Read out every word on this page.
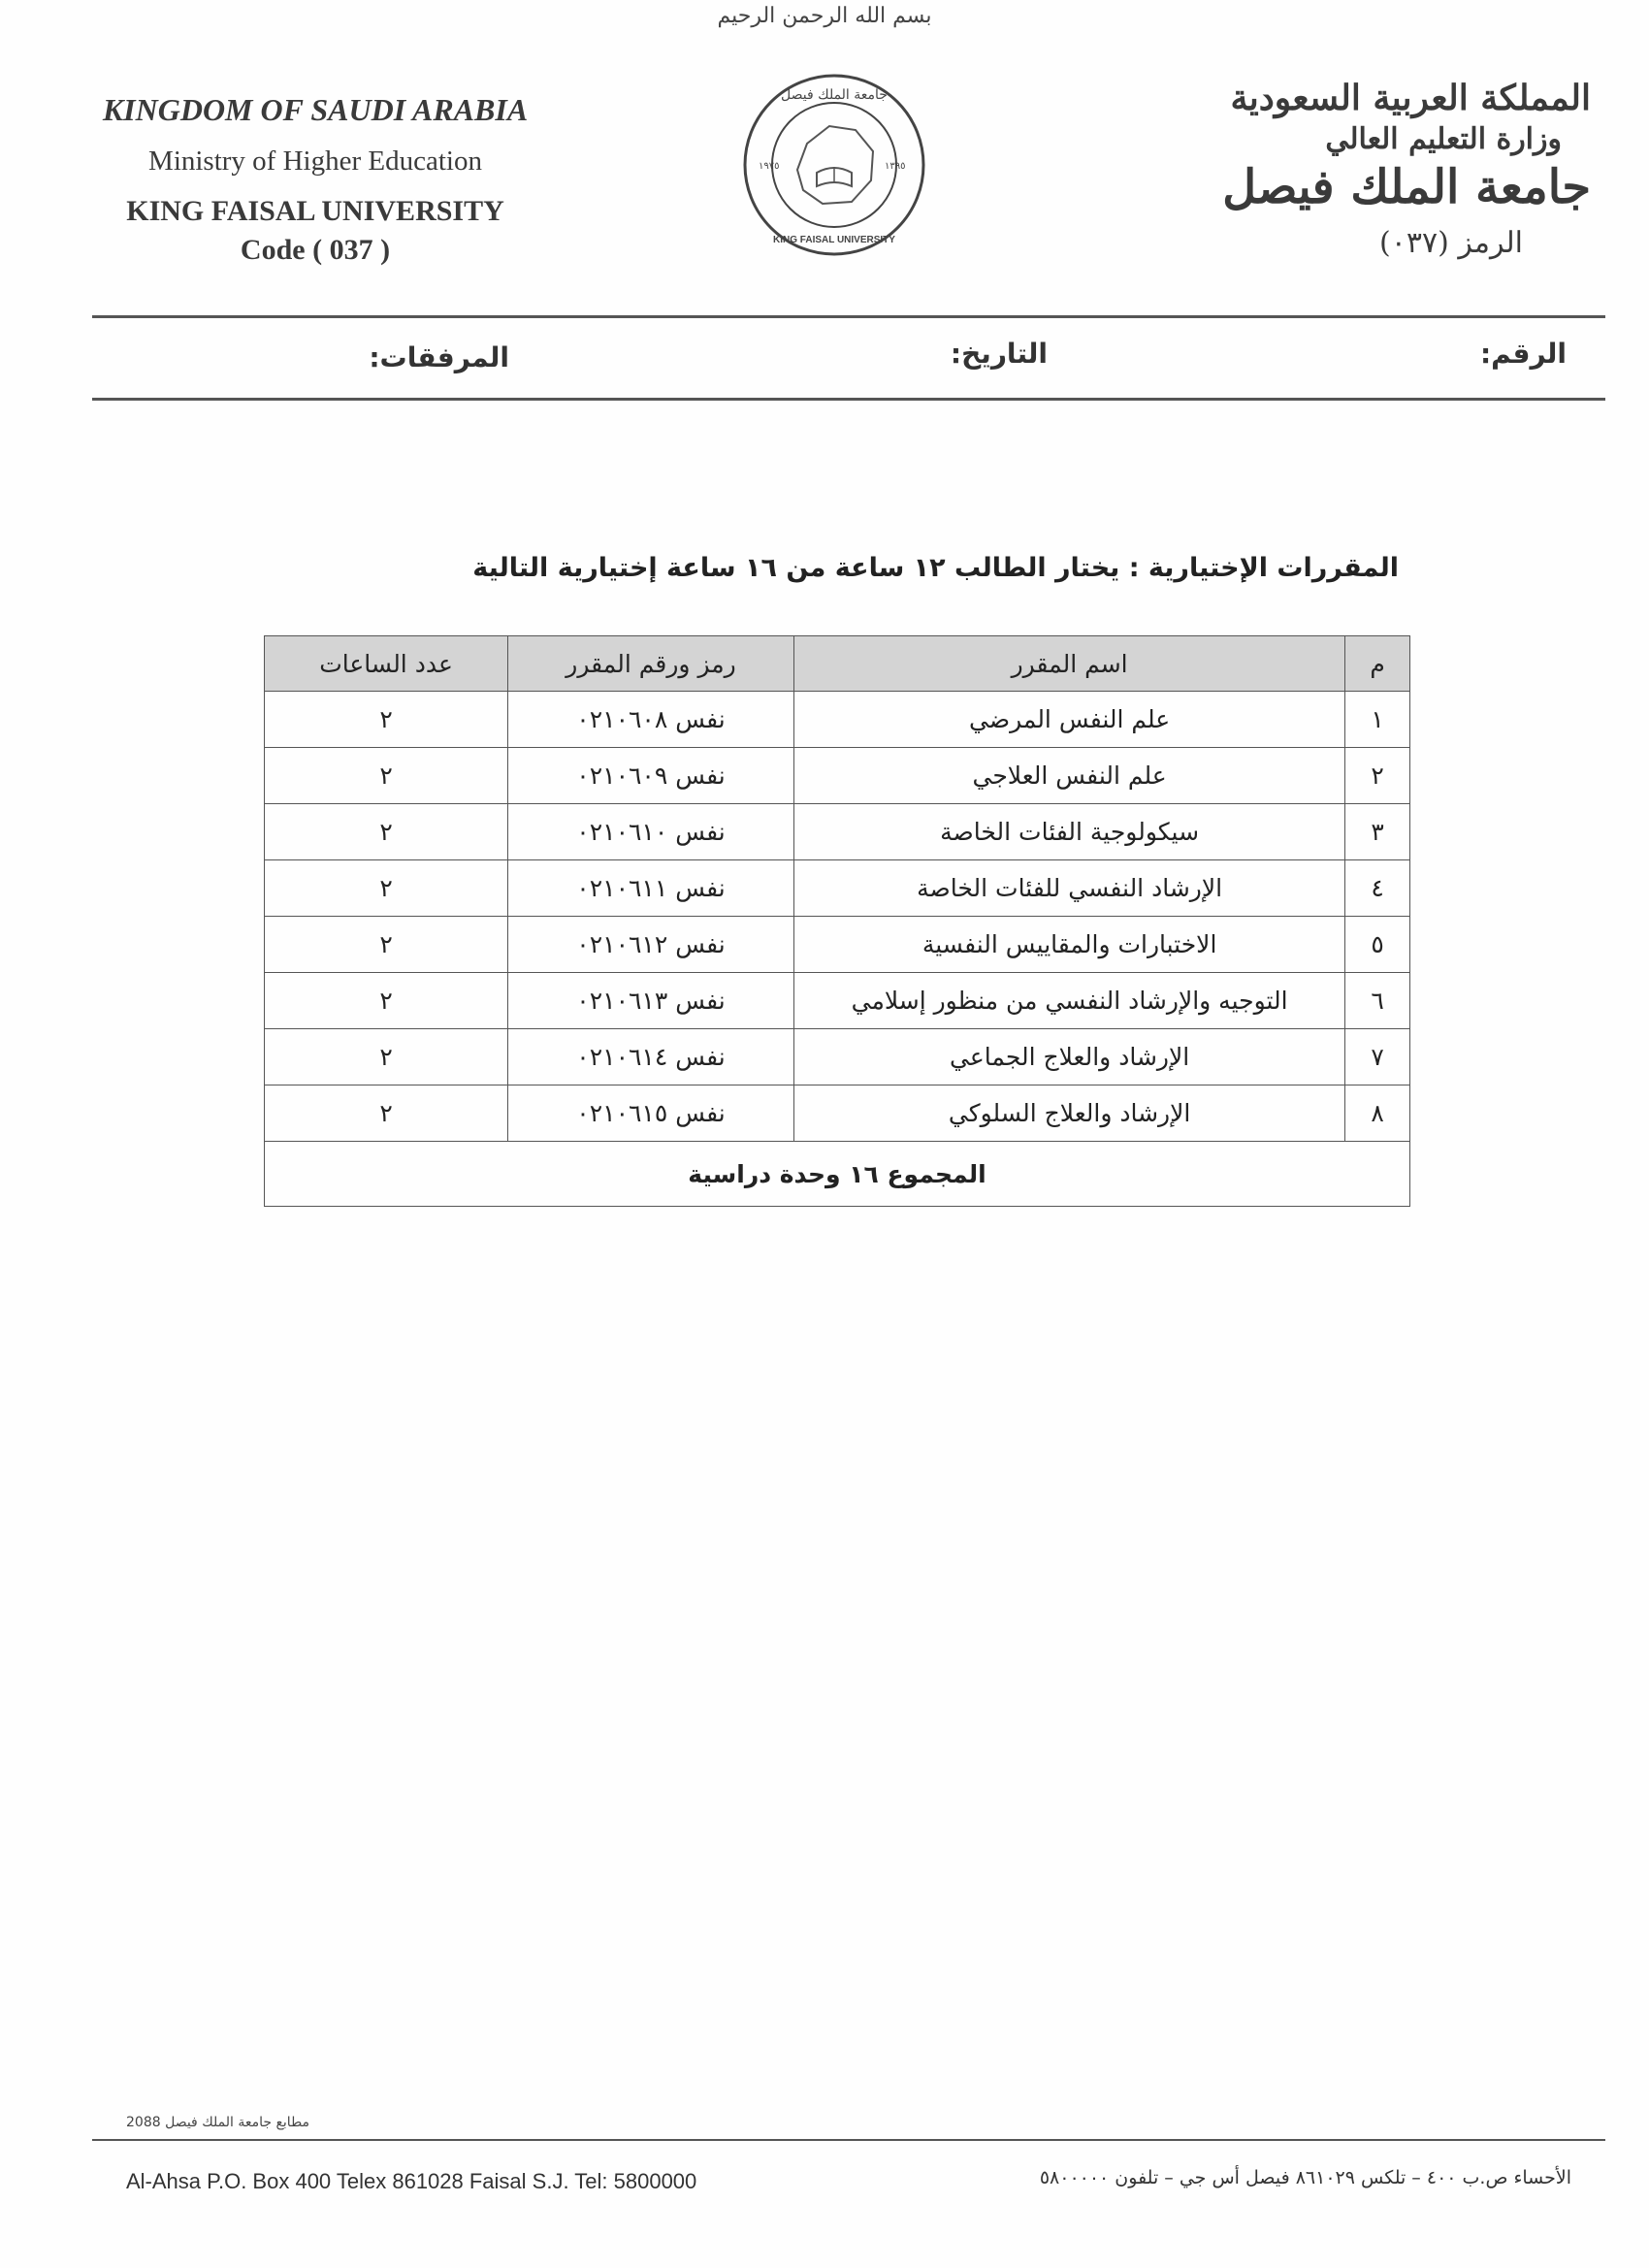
بسم الله الرحمن الرحيم
KINGDOM OF SAUDI ARABIA
Ministry of Higher Education
KING FAISAL UNIVERSITY
Code ( 037 )
جامعة الملك فيصل
KING FAISAL UNIVERSITY
١٩٧٥	١٣٩٥
المملكة العربية السعودية
وزارة التعليم العالي
جامعة الملك فيصل
الرمز (٠٣٧)
الرقم:
التاريخ:
المرفقات:
المقررات الإختيارية : يختار الطالب ١٢ ساعة من ١٦ ساعة إختيارية التالية
م	اسم المقرر	رمز ورقم المقرر	عدد الساعات
١	علم النفس المرضي	نفس ٠٢١٠٦٠٨	٢
٢	علم النفس العلاجي	نفس ٠٢١٠٦٠٩	٢
٣	سيكولوجية الفئات الخاصة	نفس ٠٢١٠٦١٠	٢
٤	الإرشاد النفسي للفئات الخاصة	نفس ٠٢١٠٦١١	٢
٥	الاختبارات والمقاييس النفسية	نفس ٠٢١٠٦١٢	٢
٦	التوجيه والإرشاد النفسي من منظور إسلامي	نفس ٠٢١٠٦١٣	٢
٧	الإرشاد والعلاج الجماعي	نفس ٠٢١٠٦١٤	٢
٨	الإرشاد والعلاج السلوكي	نفس ٠٢١٠٦١٥	٢
المجموع ١٦ وحدة دراسية			
مطابع جامعة الملك فيصل 2088
Al-Ahsa P.O. Box 400 Telex 861028 Faisal S.J. Tel: 5800000	الأحساء ص.ب ٤٠٠ – تلكس ٨٦١٠٢٩ فيصل أس جي – تلفون ٥٨٠٠٠٠٠
